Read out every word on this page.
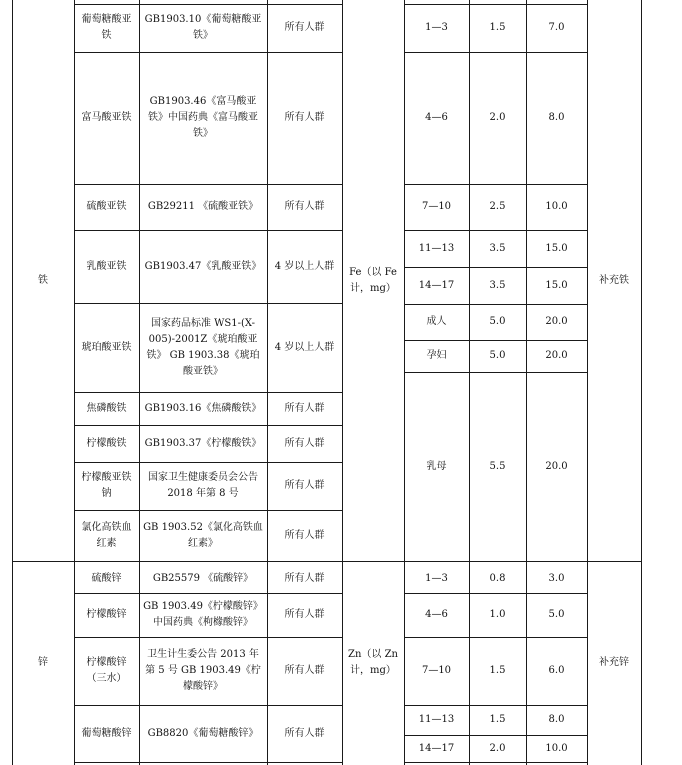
铁
葡萄糖酸亚铁
富马酸亚铁
硫酸亚铁
乳酸亚铁
琥珀酸亚铁
焦磷酸铁
柠檬酸铁
柠檬酸亚铁钠
氯化高铁血红素
GB1903.10《葡萄糖酸亚铁》
GB1903.46《富马酸亚铁》中国药典《富马酸亚铁》
GB29211 《硫酸亚铁》
GB1903.47《乳酸亚铁》
国家药品标准 WS1-(X-005)-2001Z《琥珀酸亚铁》 GB 1903.38《琥珀酸亚铁》
GB1903.16《焦磷酸铁》
GB1903.37《柠檬酸铁》
国家卫生健康委员会公告 2018 年第 8 号
GB 1903.52《氯化高铁血红素》
所有人群
所有人群
所有人群
4 岁以上人群
4 岁以上人群
所有人群
所有人群
所有人群
所有人群
Fe（以 Fe 计，mg）
1—3
4—6
7—10
11—13
14—17
成人
孕妇
乳母
1.5
2.0
2.5
3.5
3.5
5.0
5.0
5.5
7.0
8.0
10.0
15.0
15.0
20.0
20.0
20.0
补充铁
锌
硫酸锌
柠檬酸锌
柠檬酸锌（三水）
葡萄糖酸锌
GB25579 《硫酸锌》
GB 1903.49《柠檬酸锌》中国药典《枸橼酸锌》
卫生计生委公告 2013 年第 5 号 GB 1903.49《柠檬酸锌》
GB8820《葡萄糖酸锌》
所有人群
所有人群
所有人群
所有人群
Zn（以 Zn 计，mg）
1—3
4—6
7—10
11—13
14—17
0.8
1.0
1.5
1.5
2.0
3.0
5.0
6.0
8.0
10.0
补充锌
